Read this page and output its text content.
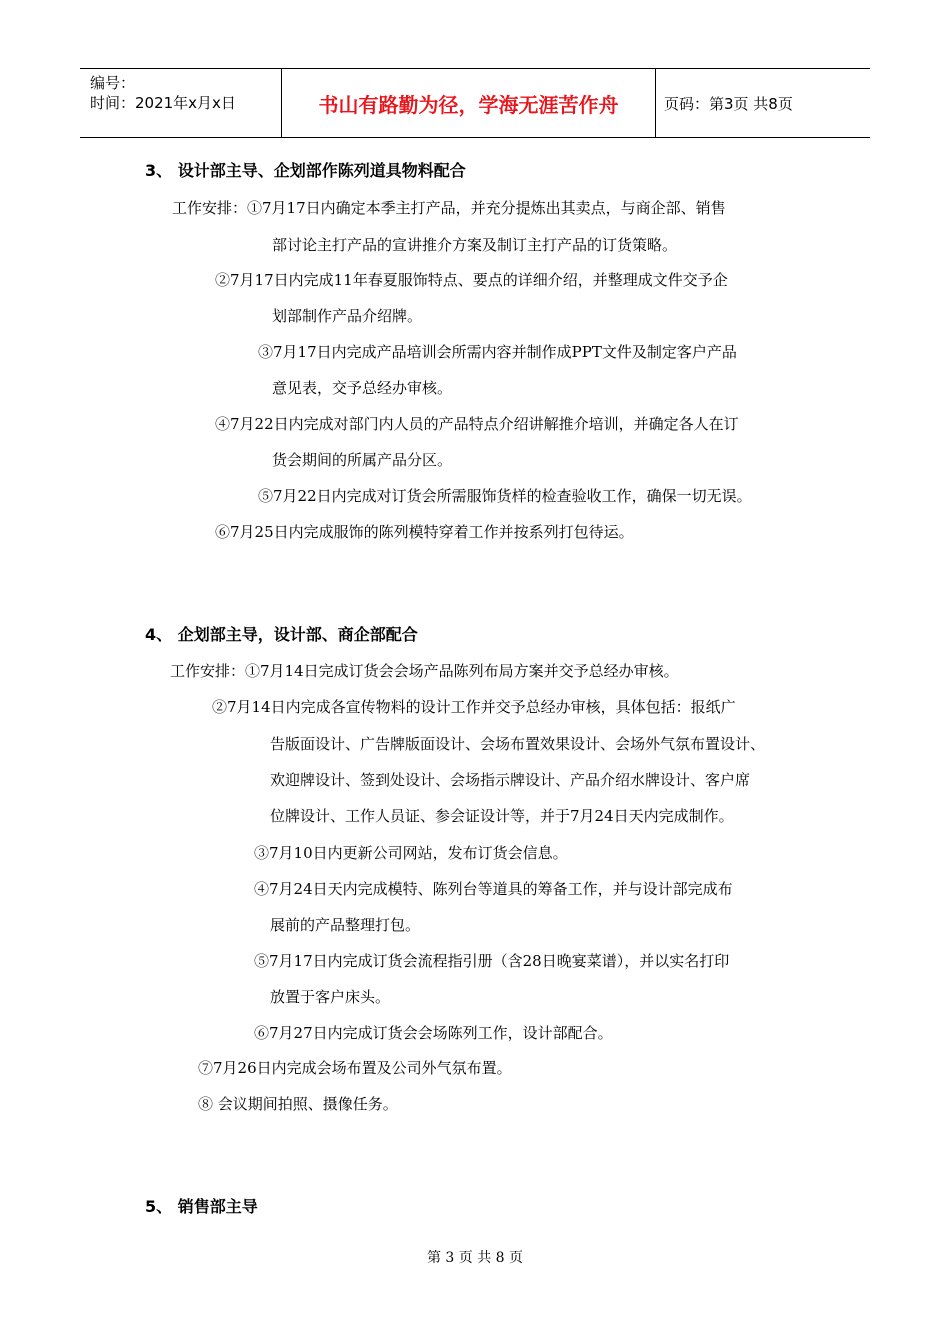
编号：
时间：2021年x月x日	书山有路勤为径，学海无涯苦作舟	页码：第3页 共8页
3、 设计部主导、企划部作陈列道具物料配合
工作安排：①7月17日内确定本季主打产品，并充分提炼出其卖点，与商企部、销售
部讨论主打产品的宣讲推介方案及制订主打产品的订货策略。
②7月17日内完成11年春夏服饰特点、要点的详细介绍，并整理成文件交予企
划部制作产品介绍牌。
③7月17日内完成产品培训会所需内容并制作成PPT文件及制定客户产品
意见表，交予总经办审核。
④7月22日内完成对部门内人员的产品特点介绍讲解推介培训，并确定各人在订
货会期间的所属产品分区。
⑤7月22日内完成对订货会所需服饰货样的检查验收工作，确保一切无误。
⑥7月25日内完成服饰的陈列模特穿着工作并按系列打包待运。
4、 企划部主导，设计部、商企部配合
工作安排：①7月14日完成订货会会场产品陈列布局方案并交予总经办审核。
②7月14日内完成各宣传物料的设计工作并交予总经办审核，具体包括：报纸广
告版面设计、广告牌版面设计、会场布置效果设计、会场外气氛布置设计、
欢迎牌设计、签到处设计、会场指示牌设计、产品介绍水牌设计、客户席
位牌设计、工作人员证、参会证设计等，并于7月24日天内完成制作。
③7月10日内更新公司网站，发布订货会信息。
④7月24日天内完成模特、陈列台等道具的筹备工作，并与设计部完成布
展前的产品整理打包。
⑤7月17日内完成订货会流程指引册（含28日晚宴菜谱），并以实名打印
放置于客户床头。
⑥7月27日内完成订货会会场陈列工作，设计部配合。
⑦7月26日内完成会场布置及公司外气氛布置。
⑧ 会议期间拍照、摄像任务。
5、 销售部主导
第 3 页 共 8 页
